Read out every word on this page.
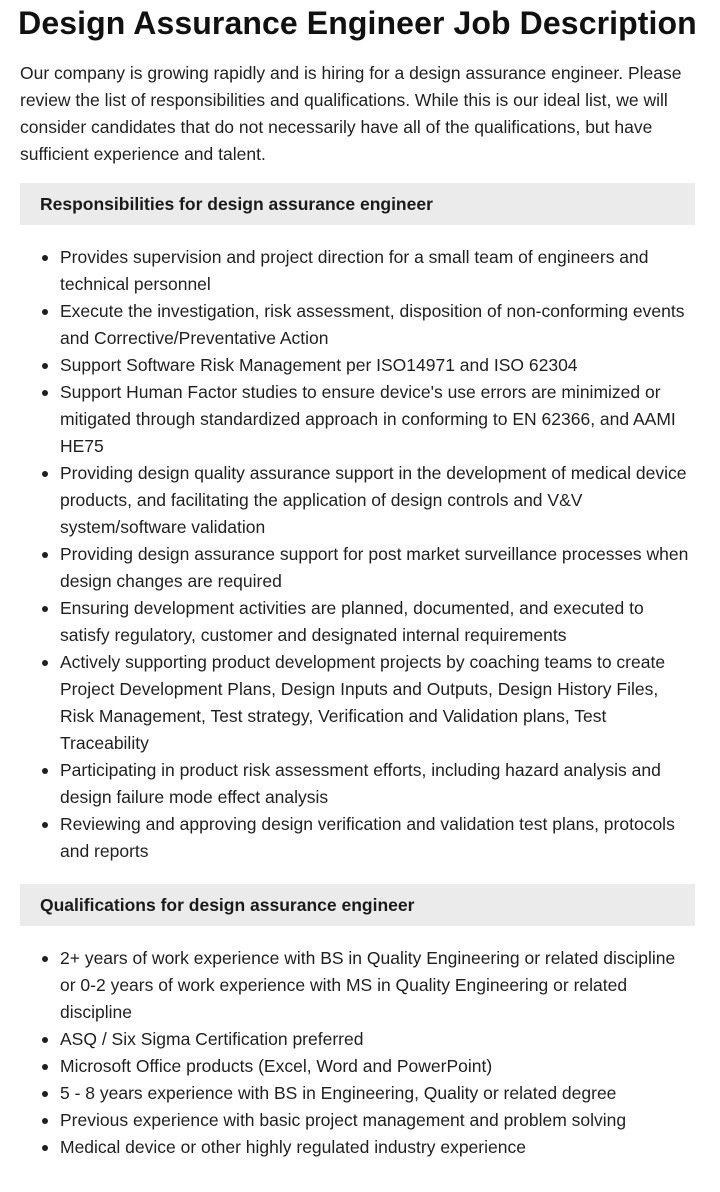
Design Assurance Engineer Job Description

Our company is growing rapidly and is hiring for a design assurance engineer. Please review the list of responsibilities and qualifications. While this is our ideal list, we will consider candidates that do not necessarily have all of the qualifications, but have sufficient experience and talent.

Responsibilities for design assurance engineer
Provides supervision and project direction for a small team of engineers and technical personnel
Execute the investigation, risk assessment, disposition of non-conforming events and Corrective/Preventative Action
Support Software Risk Management per ISO14971 and ISO 62304
Support Human Factor studies to ensure device's use errors are minimized or mitigated through standardized approach in conforming to EN 62366, and AAMI HE75
Providing design quality assurance support in the development of medical device products, and facilitating the application of design controls and V&V system/software validation
Providing design assurance support for post market surveillance processes when design changes are required
Ensuring development activities are planned, documented, and executed to satisfy regulatory, customer and designated internal requirements
Actively supporting product development projects by coaching teams to create Project Development Plans, Design Inputs and Outputs, Design History Files, Risk Management, Test strategy, Verification and Validation plans, Test Traceability
Participating in product risk assessment efforts, including hazard analysis and design failure mode effect analysis
Reviewing and approving design verification and validation test plans, protocols and reports
Qualifications for design assurance engineer
2+ years of work experience with BS in Quality Engineering or related discipline or 0-2 years of work experience with MS in Quality Engineering or related discipline
ASQ / Six Sigma Certification preferred
Microsoft Office products (Excel, Word and PowerPoint)
5 - 8 years experience with BS in Engineering, Quality or related degree
Previous experience with basic project management and problem solving
Medical device or other highly regulated industry experience
